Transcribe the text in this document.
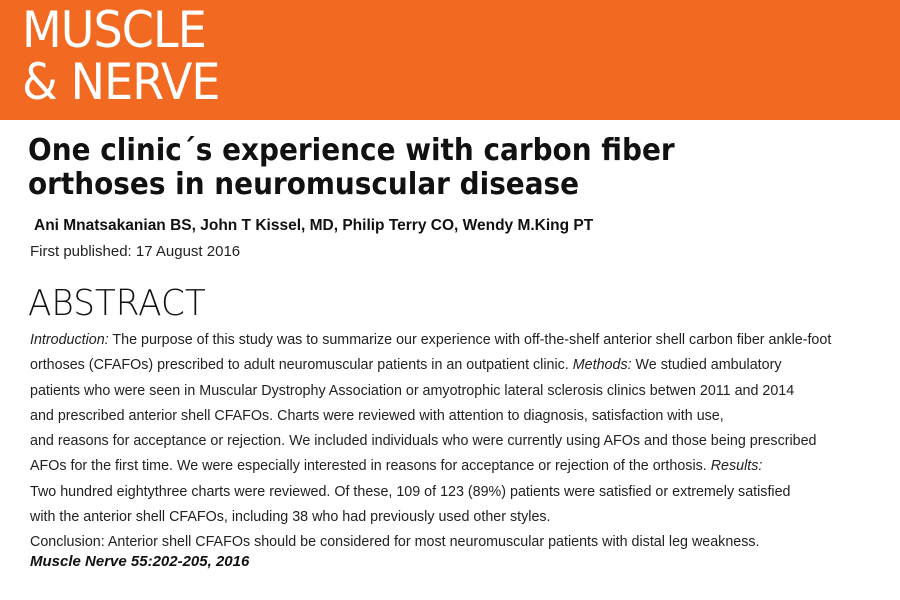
MUSCLE
& NERVE
One clinic´s experience with carbon fiber
orthoses in neuromuscular disease

Ani Mnatsakanian BS, John T Kissel, MD, Philip Terry CO, Wendy M.King PT

First published: 17 August 2016

ABSTRACT
Introduction: The purpose of this study was to summarize our experience with off-the-shelf anterior shell carbon fiber ankle-foot
orthoses (CFAFOs) prescribed to adult neuromuscular patients in an outpatient clinic. Methods: We studied ambulatory
patients who were seen in Muscular Dystrophy Association or amyotrophic lateral sclerosis clinics betwen 2011 and 2014
and prescribed anterior shell CFAFOs. Charts were reviewed with attention to diagnosis, satisfaction with use,
and reasons for acceptance or rejection. We included individuals who were currently using AFOs and those being prescribed
AFOs for the first time. We were especially interested in reasons for acceptance or rejection of the orthosis. Results:
Two hundred eightythree charts were reviewed. Of these, 109 of 123 (89%) patients were satisfied or extremely satisfied
with the anterior shell CFAFOs, including 38 who had previously used other styles.
Conclusion: Anterior shell CFAFOs should be considered for most neuromuscular patients with distal leg weakness.

Muscle Nerve 55:202-205, 2016
